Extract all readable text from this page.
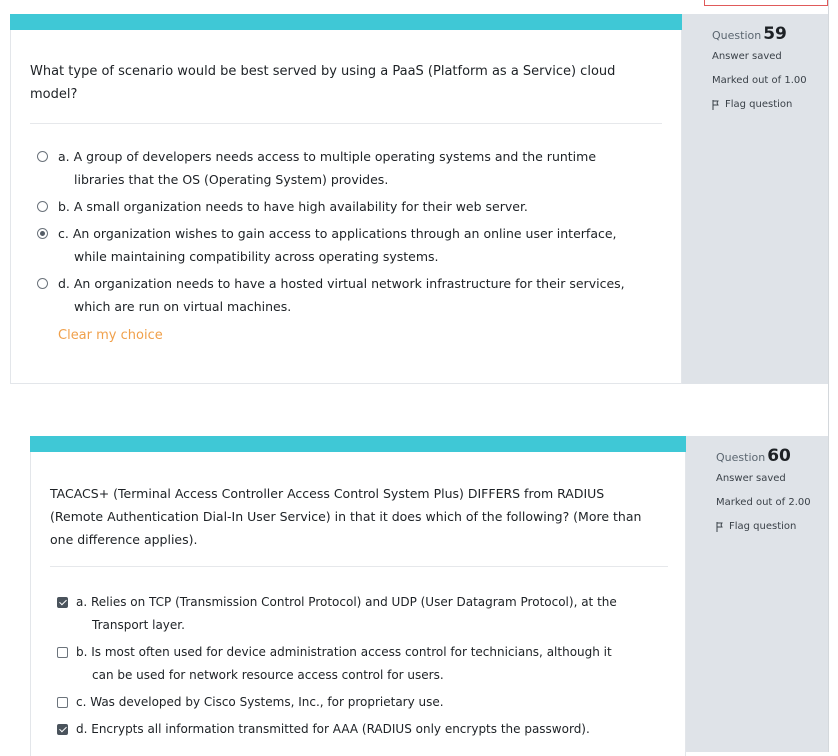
Question 59
Answer saved
Marked out of 1.00
Flag question
What type of scenario would be best served by using a PaaS (Platform as a Service) cloud
model?
a. A group of developers needs access to multiple operating systems and the runtime
libraries that the OS (Operating System) provides.
b. A small organization needs to have high availability for their web server.
c. An organization wishes to gain access to applications through an online user interface,
while maintaining compatibility across operating systems.
d. An organization needs to have a hosted virtual network infrastructure for their services,
which are run on virtual machines.
Clear my choice
Question 60
Answer saved
Marked out of 2.00
Flag question
TACACS+ (Terminal Access Controller Access Control System Plus) DIFFERS from RADIUS
(Remote Authentication Dial-In User Service) in that it does which of the following? (More than
one difference applies).
a. Relies on TCP (Transmission Control Protocol) and UDP (User Datagram Protocol), at the
Transport layer.
b. Is most often used for device administration access control for technicians, although it
can be used for network resource access control for users.
c. Was developed by Cisco Systems, Inc., for proprietary use.
d. Encrypts all information transmitted for AAA (RADIUS only encrypts the password).
